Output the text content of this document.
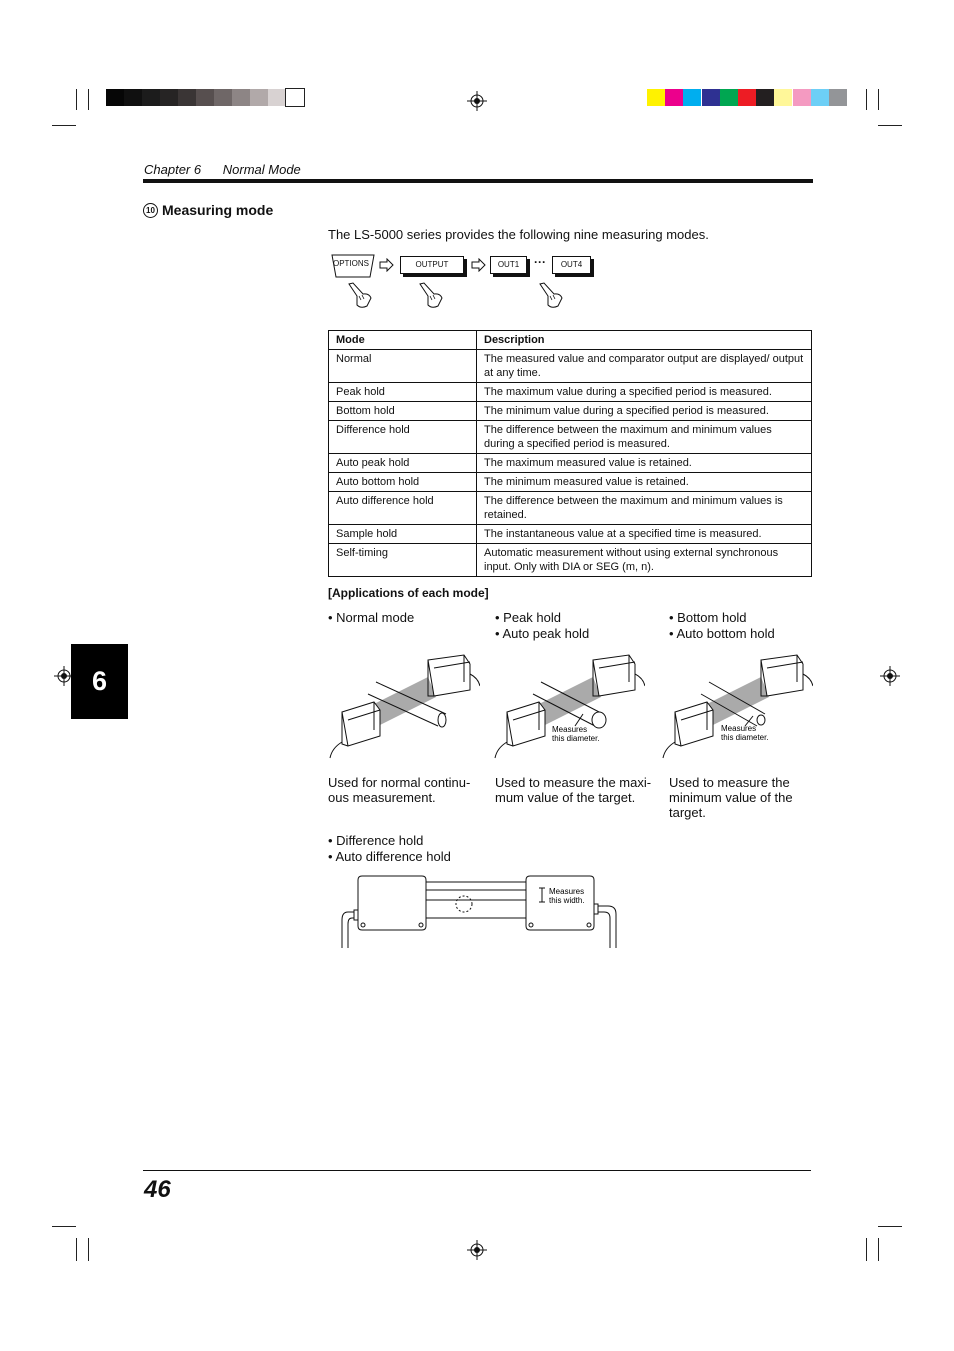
Chapter 6 Normal Mode
10 Measuring mode
The LS-5000 series provides the following nine measuring modes.
OPTIONS	OUTPUT	OUT1	···	OUT4
Mode	Description
Normal	The measured value and comparator output are displayed/ output at any time.
Peak hold	The maximum value during a specified period is measured.
Bottom hold	The minimum value during a specified period is measured.
Difference hold	The difference between the maximum and minimum values during a specified period is measured.
Auto peak hold	The maximum measured value is retained.
Auto bottom hold	The minimum measured value is retained.
Auto difference hold	The difference between the maximum and minimum values is retained.
Sample hold	The instantaneous value at a specified time is measured.
Self-timing	Automatic measurement without using external synchronous input. Only with DIA or SEG (m, n).
[Applications of each mode]
• Normal mode	• Peak hold
• Auto peak hold
• Bottom hold
• Auto bottom hold
Measures
this diameter.
Measures
this diameter.
Used for normal continu-
ous measurement.
Used to measure the maxi-
mum value of the target.
Used to measure the
minimum value of the
target.
• Difference hold
• Auto difference hold
Measures
this width.
6
46
